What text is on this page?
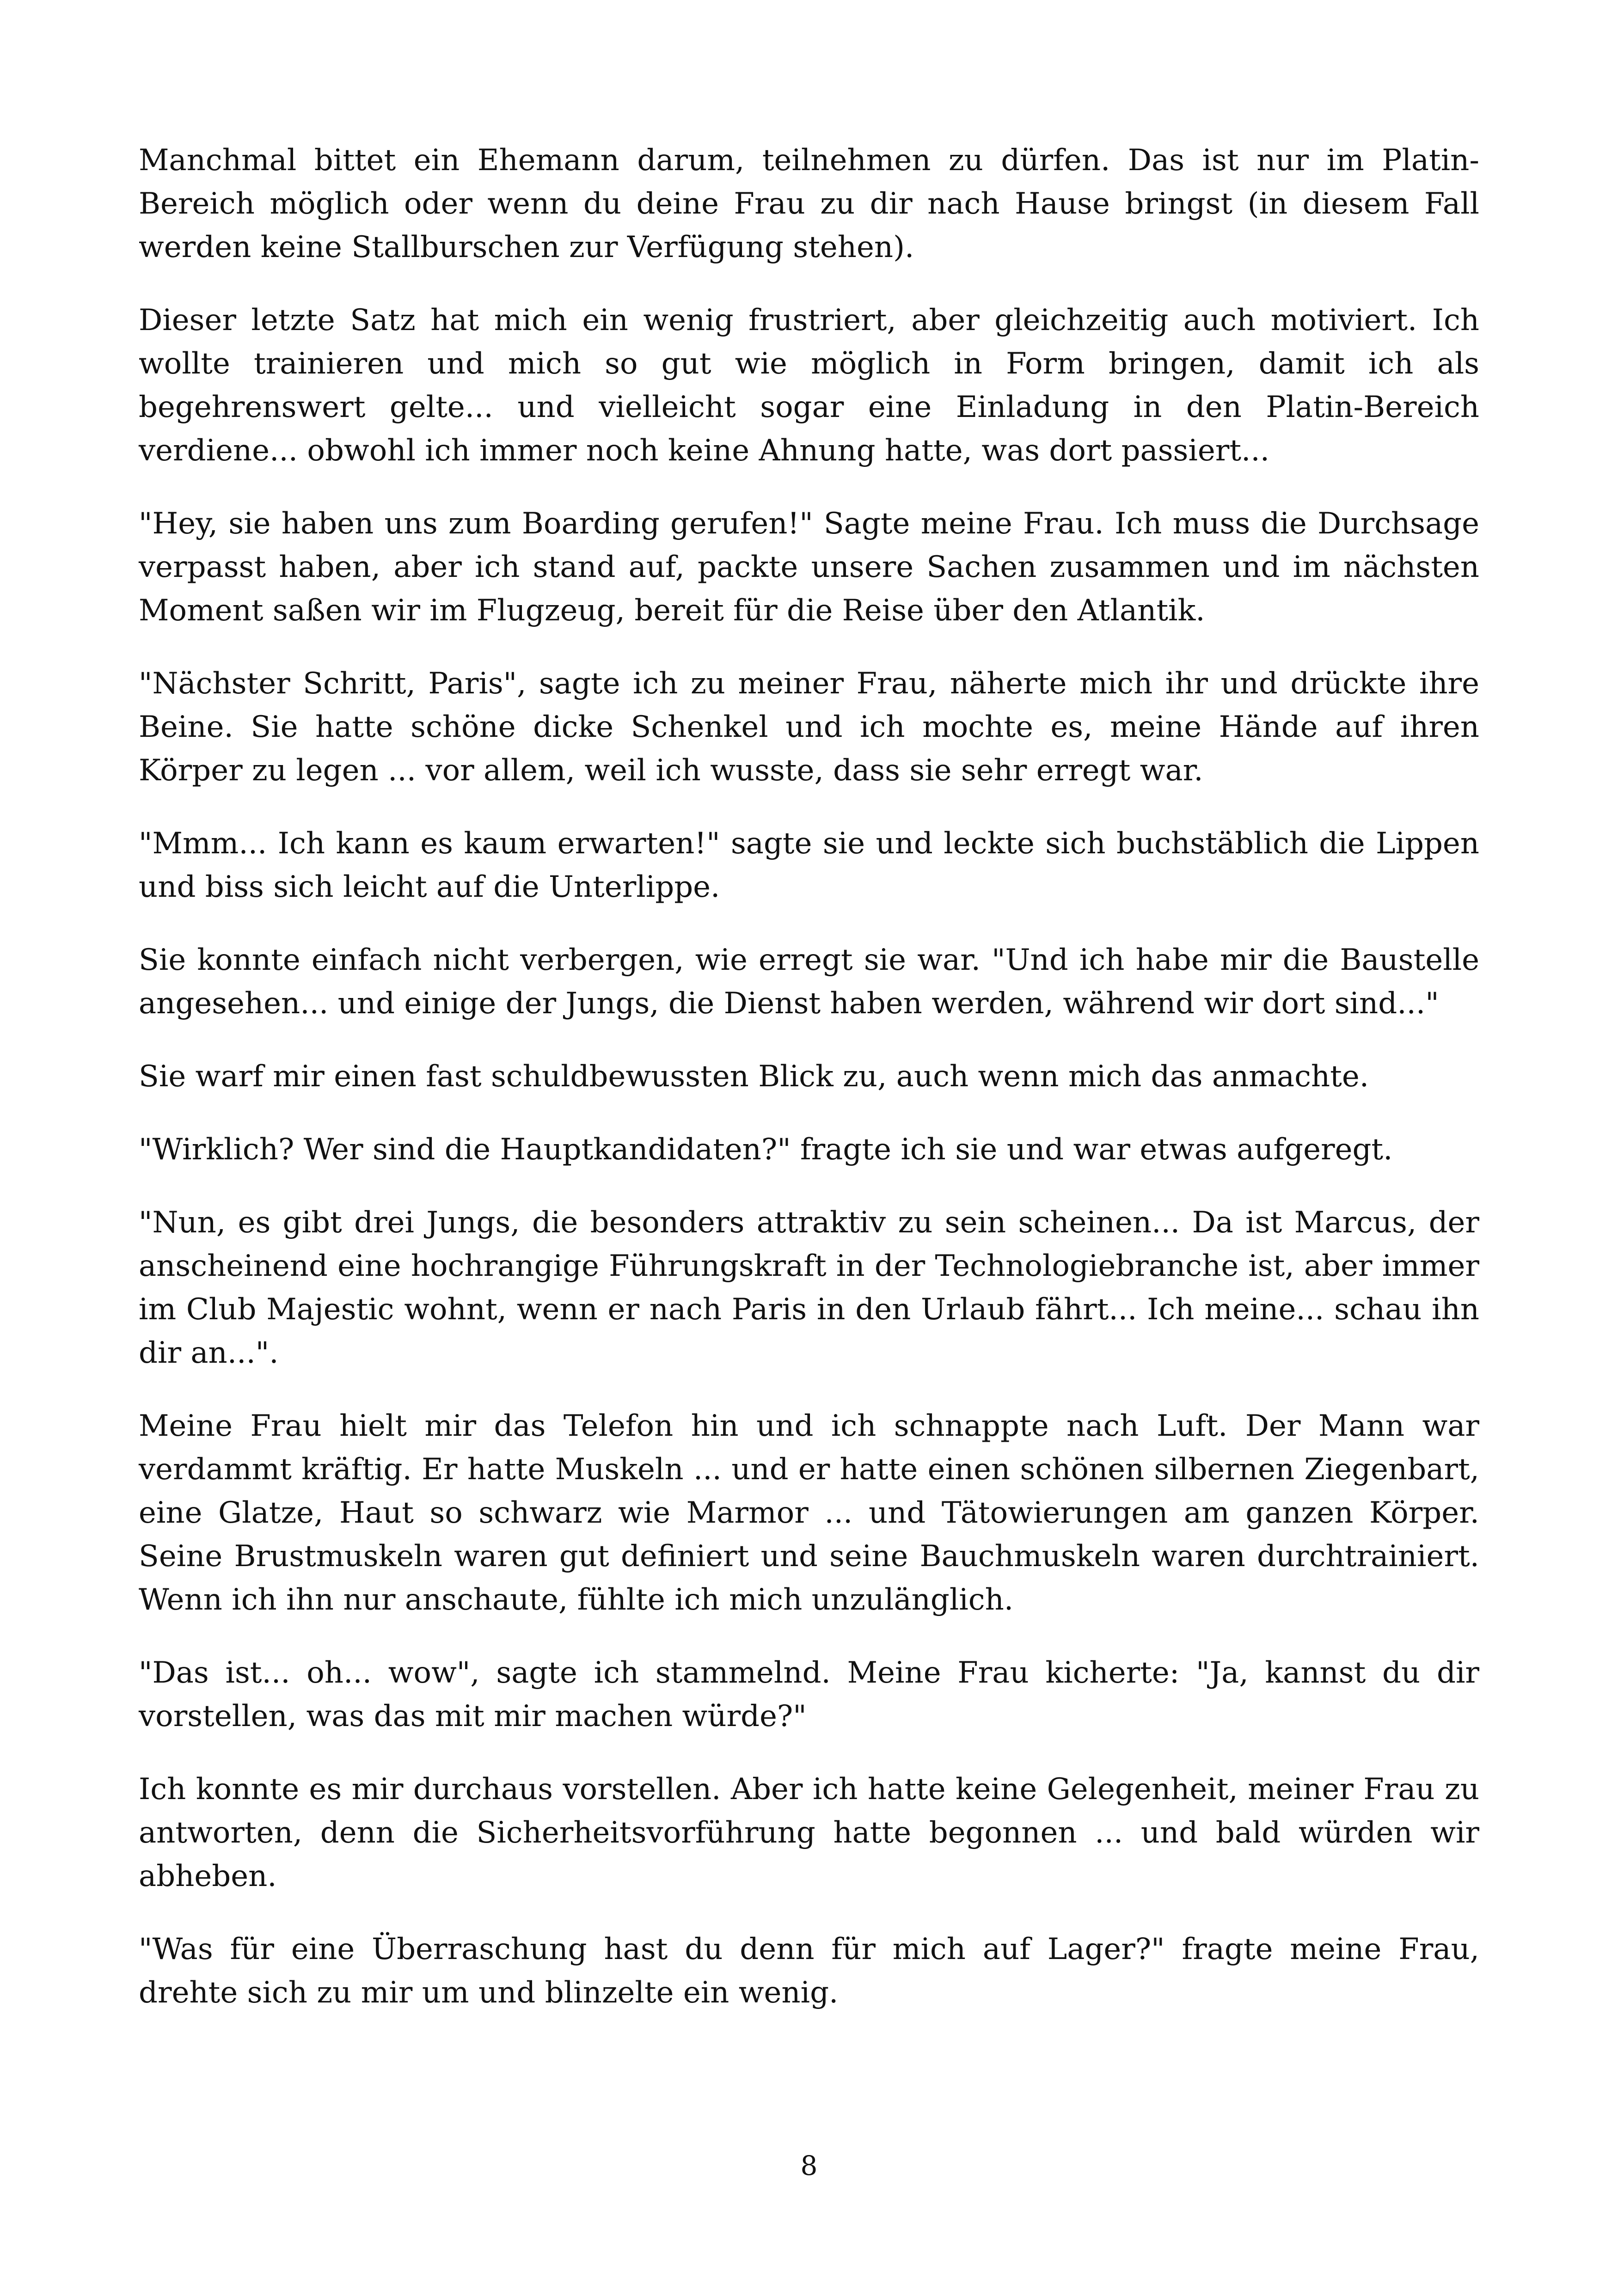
Manchmal bittet ein Ehemann darum, teilnehmen zu dürfen. Das ist nur im Platin-Bereich möglich oder wenn du deine Frau zu dir nach Hause bringst (in diesem Fall werden keine Stallburschen zur Verfügung stehen).

Dieser letzte Satz hat mich ein wenig frustriert, aber gleichzeitig auch motiviert. Ich wollte trainieren und mich so gut wie möglich in Form bringen, damit ich als begehrenswert gelte... und vielleicht sogar eine Einladung in den Platin-Bereich verdiene... obwohl ich immer noch keine Ahnung hatte, was dort passiert...

"Hey, sie haben uns zum Boarding gerufen!" Sagte meine Frau. Ich muss die Durchsage verpasst haben, aber ich stand auf, packte unsere Sachen zusammen und im nächsten Moment saßen wir im Flugzeug, bereit für die Reise über den Atlantik.

"Nächster Schritt, Paris", sagte ich zu meiner Frau, näherte mich ihr und drückte ihre Beine. Sie hatte schöne dicke Schenkel und ich mochte es, meine Hände auf ihren Körper zu legen ... vor allem, weil ich wusste, dass sie sehr erregt war.

"Mmm... Ich kann es kaum erwarten!" sagte sie und leckte sich buchstäblich die Lippen und biss sich leicht auf die Unterlippe.

Sie konnte einfach nicht verbergen, wie erregt sie war. "Und ich habe mir die Baustelle angesehen... und einige der Jungs, die Dienst haben werden, während wir dort sind..."

Sie warf mir einen fast schuldbewussten Blick zu, auch wenn mich das anmachte.

"Wirklich? Wer sind die Hauptkandidaten?" fragte ich sie und war etwas aufgeregt.

"Nun, es gibt drei Jungs, die besonders attraktiv zu sein scheinen... Da ist Marcus, der anscheinend eine hochrangige Führungskraft in der Technologiebranche ist, aber immer im Club Majestic wohnt, wenn er nach Paris in den Urlaub fährt... Ich meine... schau ihn dir an...".

Meine Frau hielt mir das Telefon hin und ich schnappte nach Luft. Der Mann war verdammt kräftig. Er hatte Muskeln ... und er hatte einen schönen silbernen Ziegenbart, eine Glatze, Haut so schwarz wie Marmor ... und Tätowierungen am ganzen Körper. Seine Brustmuskeln waren gut definiert und seine Bauchmuskeln waren durchtrainiert. Wenn ich ihn nur anschaute, fühlte ich mich unzulänglich.

"Das ist... oh... wow", sagte ich stammelnd. Meine Frau kicherte: "Ja, kannst du dir vorstellen, was das mit mir machen würde?"

Ich konnte es mir durchaus vorstellen. Aber ich hatte keine Gelegenheit, meiner Frau zu antworten, denn die Sicherheitsvorführung hatte begonnen ... und bald würden wir abheben.

"Was für eine Überraschung hast du denn für mich auf Lager?" fragte meine Frau, drehte sich zu mir um und blinzelte ein wenig.

8
